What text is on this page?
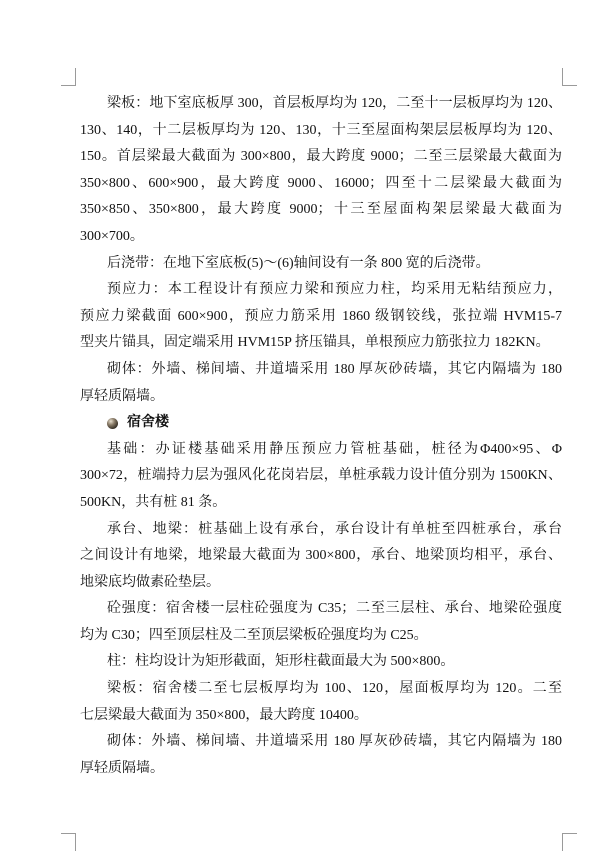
梁板：地下室底板厚 300，首层板厚均为 120，二至十一层板厚均为 120、
130、140，十二层板厚均为 120、130，十三至屋面构架层层板厚均为 120、
150。首层梁最大截面为 300×800，最大跨度 9000；二至三层梁最大截面为
350×800、600×900，最大跨度 9000、16000；四至十二层梁最大截面为
350×850、350×800，最大跨度 9000；十三至屋面构架层梁最大截面为
300×700。
后浇带：在地下室底板(5)～(6)轴间设有一条 800 宽的后浇带。
预应力：本工程设计有预应力梁和预应力柱，均采用无粘结预应力，
预应力梁截面 600×900，预应力筋采用 1860 级钢铰线，张拉端 HVM15-7
型夹片锚具，固定端采用 HVM15P 挤压锚具，单根预应力筋张拉力 182KN。
砌体：外墙、梯间墙、井道墙采用 180 厚灰砂砖墙，其它内隔墙为 180
厚轻质隔墙。
宿舍楼
基础：办证楼基础采用静压预应力管桩基础，桩径为Φ400×95、Φ
300×72，桩端持力层为强风化花岗岩层，单桩承载力设计值分别为 1500KN、
500KN，共有桩 81 条。
承台、地梁：桩基础上设有承台，承台设计有单桩至四桩承台，承台
之间设计有地梁，地梁最大截面为 300×800，承台、地梁顶均相平，承台、
地梁底均做素砼垫层。
砼强度：宿舍楼一层柱砼强度为 C35；二至三层柱、承台、地梁砼强度
均为 C30；四至顶层柱及二至顶层梁板砼强度均为 C25。
柱：柱均设计为矩形截面，矩形柱截面最大为 500×800。
梁板：宿舍楼二至七层板厚均为 100、120，屋面板厚均为 120。二至
七层梁最大截面为 350×800，最大跨度 10400。
砌体：外墙、梯间墙、井道墙采用 180 厚灰砂砖墙，其它内隔墙为 180
厚轻质隔墙。
